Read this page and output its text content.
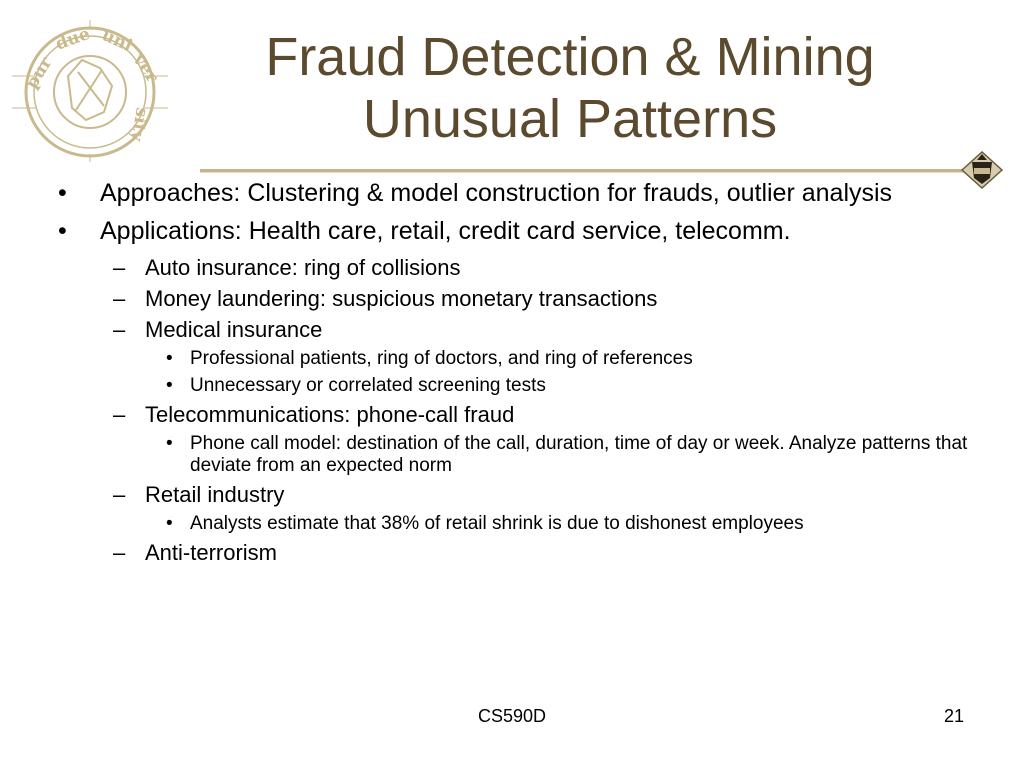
pur
due uni
ver
sity
Fraud Detection & Mining
Unusual Patterns
• Approaches: Clustering & model construction for frauds, outlier analysis
• Applications: Health care, retail, credit card service, telecomm.
– Auto insurance: ring of collisions
– Money laundering: suspicious monetary transactions
– Medical insurance
• Professional patients, ring of doctors, and ring of references
• Unnecessary or correlated screening tests
– Telecommunications: phone-call fraud
• Phone call model: destination of the call, duration, time of day or week. Analyze patterns that deviate from an expected norm
– Retail industry
• Analysts estimate that 38% of retail shrink is due to dishonest employees
– Anti-terrorism
CS590D	21
